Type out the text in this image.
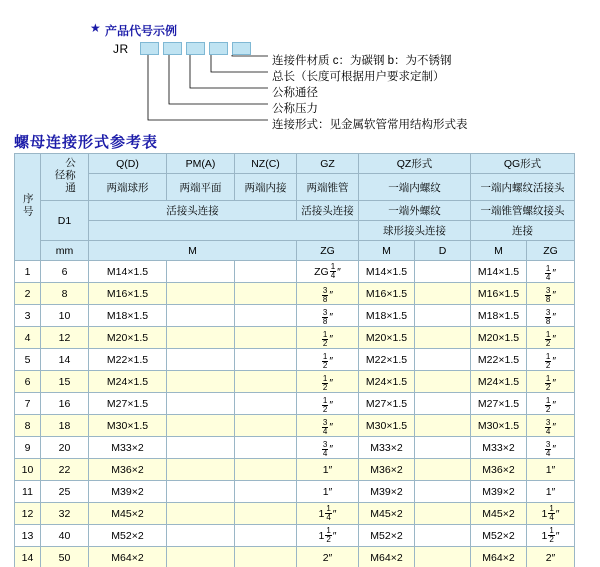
★ 产品代号示例
JR
连接件材质 c：为碳钢 b：为不锈钢
总长（长度可根据用户要求定制）
公称通径
公称压力
连接形式：见金属软管常用结构形式表
螺母连接形式参考表
序号	公称通径	Q(D)	PM(A)	NZ(C)	GZ	QZ形式		QG形式	
		两端球形	两端平面	两端内接	两端锥管	一端内螺纹		一端内螺纹活接头	
	D1	活接头连接			活接头连接	一端外螺纹		一端锥管螺纹接头	
						球形接头连接		连接	
	mm	M			ZG	M	D	M	ZG
1	6	M14×1.5			ZG $\frac{1}{4}$ ″	M14×1.5		M14×1.5	$\frac{1}{4}$ ″

2	8	M16×1.5			$\frac{3}{8}$ ″	M16×1.5		M16×1.5	$\frac{3}{8}$ ″

3	10	M18×1.5			$\frac{3}{8}$ ″	M18×1.5		M18×1.5	$\frac{3}{8}$ ″

4	12	M20×1.5			$\frac{1}{2}$ ″	M20×1.5		M20×1.5	$\frac{1}{2}$ ″

5	14	M22×1.5			$\frac{1}{2}$ ″	M22×1.5		M22×1.5	$\frac{1}{2}$ ″

6	15	M24×1.5			$\frac{1}{2}$ ″	M24×1.5		M24×1.5	$\frac{1}{2}$ ″

7	16	M27×1.5			$\frac{1}{2}$ ″	M27×1.5		M27×1.5	$\frac{1}{2}$ ″

8	18	M30×1.5			$\frac{3}{4}$ ″	M30×1.5		M30×1.5	$\frac{3}{4}$ ″

9	20	M33×2			$\frac{3}{4}$ ″	M33×2		M33×2	$\frac{3}{4}$ ″

10	22	M36×2			1″	M36×2		M36×2	1″

11	25	M39×2			1″	M39×2		M39×2	1″

12	32	M45×2			$1 \frac{1}{4}$ ″	M45×2		M45×2	$1 \frac{1}{4}$ ″

13	40	M52×2			$1 \frac{1}{2}$ ″	M52×2		M52×2	$1 \frac{1}{2}$ ″

14	50	M64×2			2″	M64×2		M64×2	2″
